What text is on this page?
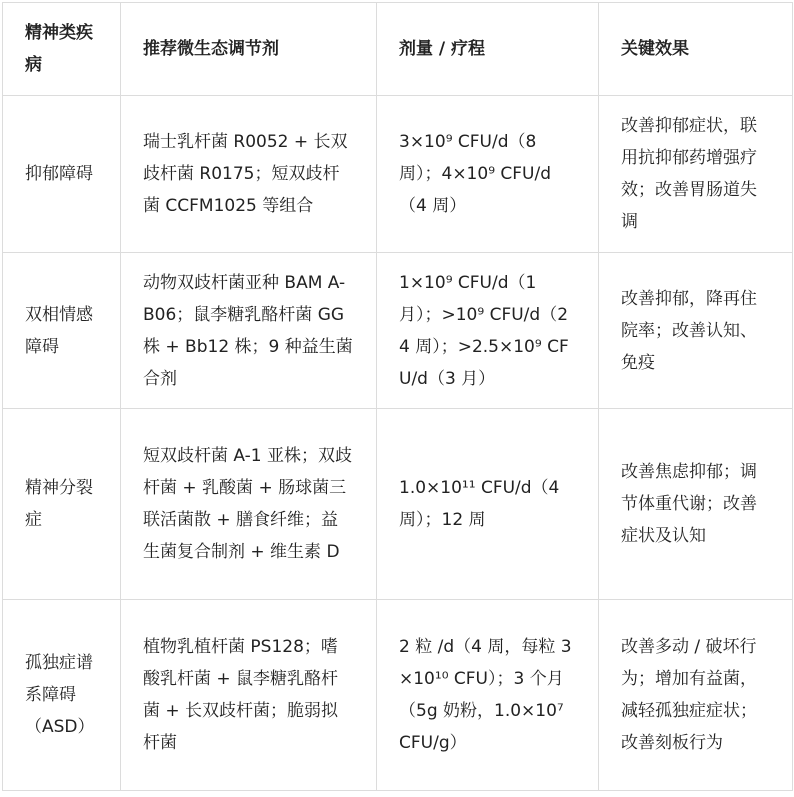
精神类疾病	推荐微生态调节剂	剂量 / 疗程	关键效果
抑郁障碍	瑞士乳杆菌 R0052 + 长双歧杆菌 R0175；短双歧杆菌 CCFM1025 等组合	3×10⁹ CFU/d（8 周）；4×10⁹ CFU/d（4 周）	改善抑郁症状，联用抗抑郁药增强疗效；改善胃肠道失调
双相情感障碍	动物双歧杆菌亚种 BAM A-B06；鼠李糖乳酪杆菌 GG 株 + Bb12 株；9 种益生菌合剂	1×10⁹ CFU/d（1 月）；>10⁹ CFU/d（24 周）；>2.5×10⁹ CFU/d（3 月）	改善抑郁，降再住院率；改善认知、免疫
精神分裂症	短双歧杆菌 A-1 亚株；双歧杆菌 + 乳酸菌 + 肠球菌三联活菌散 + 膳食纤维；益生菌复合制剂 + 维生素 D	1.0×10¹¹ CFU/d（4 周）；12 周	改善焦虑抑郁；调节体重代谢；改善症状及认知
孤独症谱系障碍（ASD）	植物乳植杆菌 PS128；嗜酸乳杆菌 + 鼠李糖乳酪杆菌 + 长双歧杆菌；脆弱拟杆菌	2 粒 /d（4 周，每粒 3×10¹⁰ CFU）；3 个月（5g 奶粉，1.0×10⁷ CFU/g）	改善多动 / 破坏行为；增加有益菌，减轻孤独症症状；改善刻板行为
